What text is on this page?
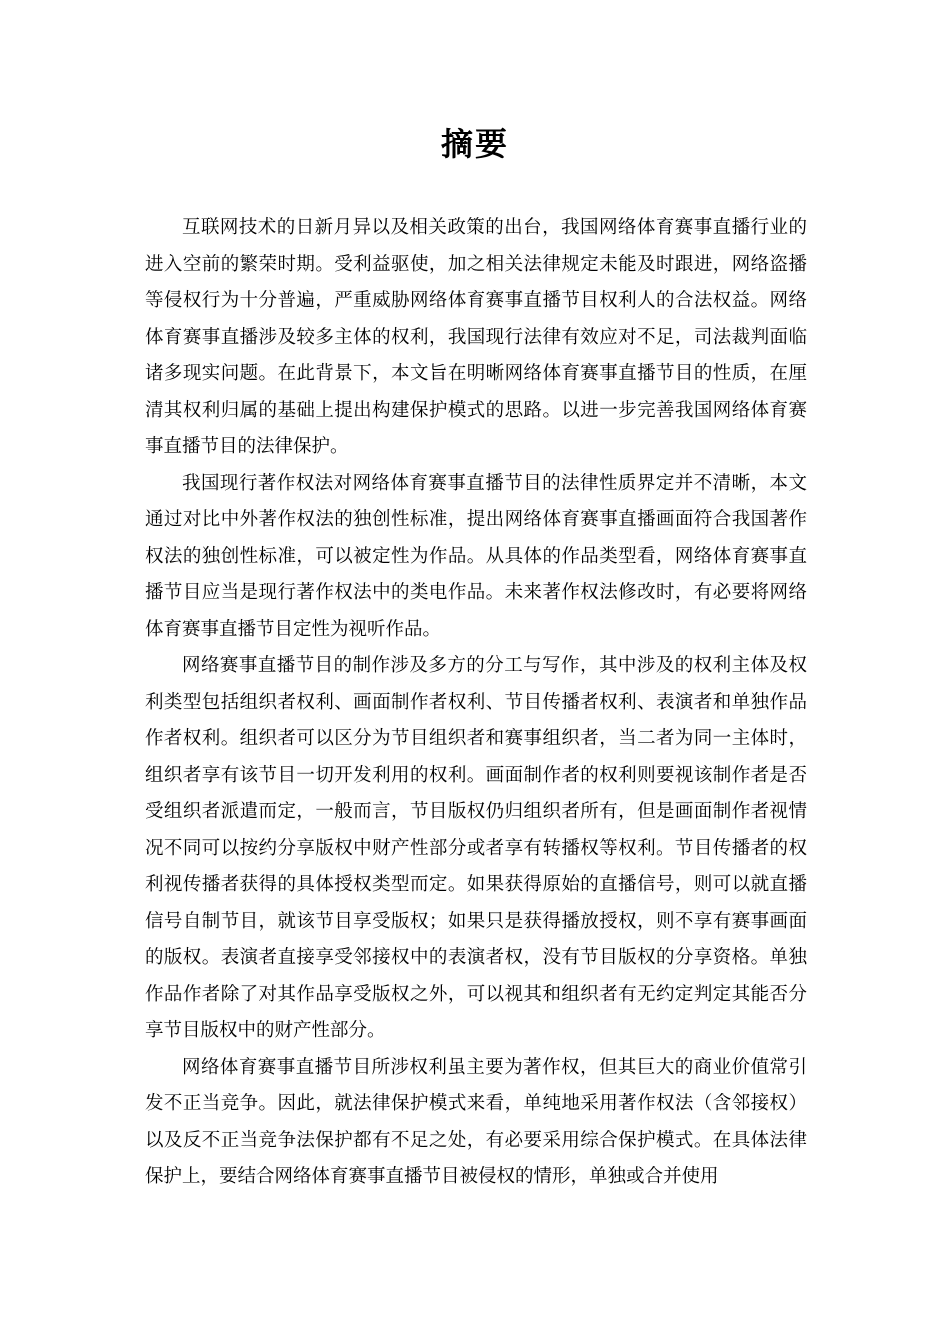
摘要

互联网技术的日新月异以及相关政策的出台，我国网络体育赛事直播行业的进入空前的繁荣时期。受利益驱使，加之相关法律规定未能及时跟进，网络盗播等侵权行为十分普遍，严重威胁网络体育赛事直播节目权利人的合法权益。网络体育赛事直播涉及较多主体的权利，我国现行法律有效应对不足，司法裁判面临诸多现实问题。在此背景下，本文旨在明晰网络体育赛事直播节目的性质，在厘清其权利归属的基础上提出构建保护模式的思路。以进一步完善我国网络体育赛事直播节目的法律保护。

我国现行著作权法对网络体育赛事直播节目的法律性质界定并不清晰，本文通过对比中外著作权法的独创性标准，提出网络体育赛事直播画面符合我国著作权法的独创性标准，可以被定性为作品。从具体的作品类型看，网络体育赛事直播节目应当是现行著作权法中的类电作品。未来著作权法修改时，有必要将网络体育赛事直播节目定性为视听作品。

网络赛事直播节目的制作涉及多方的分工与写作，其中涉及的权利主体及权利类型包括组织者权利、画面制作者权利、节目传播者权利、表演者和单独作品作者权利。组织者可以区分为节目组织者和赛事组织者，当二者为同一主体时，组织者享有该节目一切开发利用的权利。画面制作者的权利则要视该制作者是否受组织者派遣而定，一般而言，节目版权仍归组织者所有，但是画面制作者视情况不同可以按约分享版权中财产性部分或者享有转播权等权利。节目传播者的权利视传播者获得的具体授权类型而定。如果获得原始的直播信号，则可以就直播信号自制节目，就该节目享受版权；如果只是获得播放授权，则不享有赛事画面的版权。表演者直接享受邻接权中的表演者权，没有节目版权的分享资格。单独作品作者除了对其作品享受版权之外，可以视其和组织者有无约定判定其能否分享节目版权中的财产性部分。

网络体育赛事直播节目所涉权利虽主要为著作权，但其巨大的商业价值常引发不正当竞争。因此，就法律保护模式来看，单纯地采用著作权法（含邻接权）以及反不正当竞争法保护都有不足之处，有必要采用综合保护模式。在具体法律保护上，要结合网络体育赛事直播节目被侵权的情形，单独或合并使用
